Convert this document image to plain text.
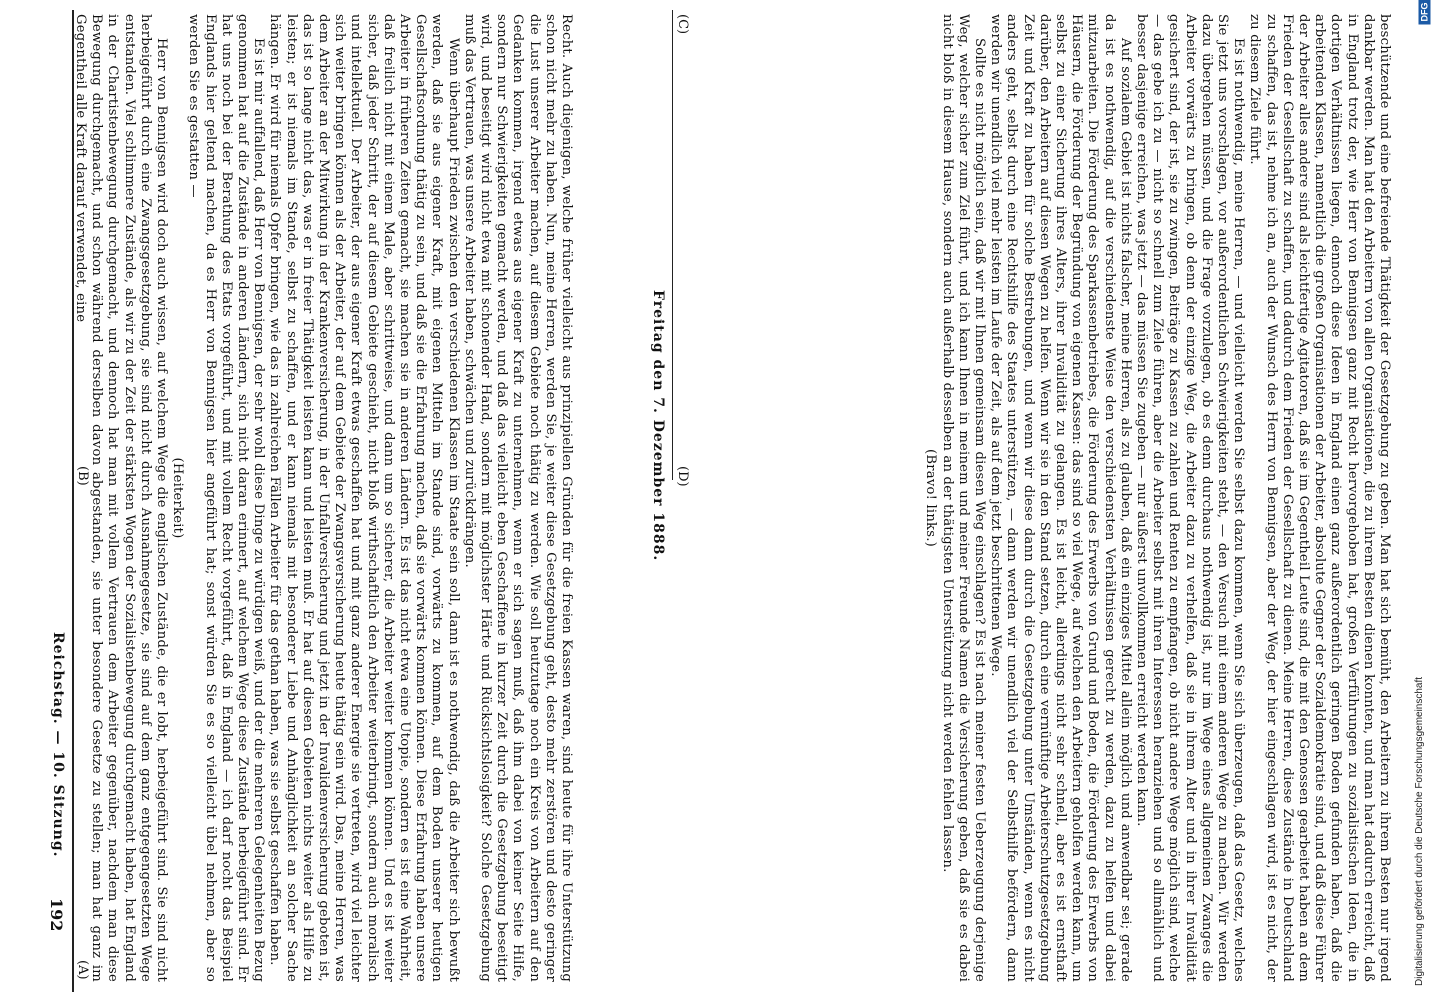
192
Reichstag. — 10. Sitzung.
Freitag den 7. Dezember 1888.
(A)
(B)
(C)
(D)

Recht. Auch diejenigen, welche früher vielleicht aus prinzipiellen Gründen für die freien Kassen waren, sind heute für ihre Unterstützung schon nicht mehr zu haben. Nun, meine Herren, werden Sie, je weiter diese Gesetzgebung geht, desto mehr zerstören und desto geringer die Lust unserer Arbeiter machen, auf diesem Gebiete noch thätig zu werden. Wie soll heutzutage noch ein Kreis von Arbeitern auf den Gedanken kommen, irgend etwas aus eigener Kraft zu unternehmen, wenn er sich sagen muß, daß ihm dabei von keiner Seite Hilfe, sondern nur Schwierigkeiten gemacht werden, und daß das vielleicht eben Geschaffene in kurzer Zeit durch die Gesetzgebung beseitigt wird, und beseitigt wird nicht etwa mit schonender Hand, sondern mit möglichster Härte und Rücksichtslosigkeit? Solche Gesetzgebung muß das Vertrauen, was unsere Arbeiter haben, schwächen und zurückdrängen.

Wenn überhaupt Frieden zwischen den verschiedenen Klassen im Staate sein soll, dann ist es nothwendig, daß die Arbeiter sich bewußt werden, daß sie aus eigener Kraft, mit eigenen Mitteln im Stande sind, vorwärts zu kommen, auf dem Boden unserer heutigen Gesellschaftsordnung thätig zu sein, und daß sie die Erfahrung machen, daß sie vorwärts kommen können. Diese Erfahrung haben unsere Arbeiter in früheren Zeiten gemacht, sie machen sie in anderen Ländern. Es ist das nicht etwa eine Utopie, sondern es ist eine Wahrheit, daß freilich nicht mit einem Male, aber schrittweise, und dann um so sicherer, die Arbeiter weiter kommen können. Und es ist weiter sicher, daß jeder Schritt, der auf diesem Gebiete geschieht, nicht bloß wirthschaftlich den Arbeiter weiterbringt, sondern auch moralisch und intellektuell. Der Arbeiter, der aus eigener Kraft etwas geschaffen hat und mit ganz anderer Energie sie vertreten, wird viel leichter sich weiter bringen können als der Arbeiter, der auf dem Gebiete der Zwangsversicherung heute thätig sein wird. Das, meine Herren, was dem Arbeiter an der Mitwirkung in der Krankenversicherung, in der Unfallversicherung und jetzt in der Invalidenversicherung geboten ist, das ist so lange nicht das, was er in freier Thätigkeit leisten kann und leisten muß. Er hat auf diesen Gebieten nichts weiter als Hilfe zu leisten; er ist niemals im Stande, selbst zu schaffen, und er kann niemals mit besonderer Liebe und Anhänglichkeit an solcher Sache hängen. Er wird für niemals Opfer bringen, wie das in zahlreichen Fällen Arbeiter für das gethan haben, was sie selbst geschaffen haben.

Es ist mir auffallend, daß Herr von Bennigsen, der sehr wohl diese Dinge zu würdigen weiß, und der die mehreren Gelegenheiten Bezug genommen hat auf die Zustände in anderen Ländern, sich nicht daran erinnert, auf welchem Wege diese Zustände herbeigeführt sind. Er hat uns noch bei der Berathung des Etats vorgeführt, und mit vollem Recht vorgeführt, daß in England — ich darf nocht das Beispiel Englands hier geltend machen, da es Herr von Bennigsen hier angeführt hat; sonst würden Sie es so vielleicht übel nehmen, aber so werden Sie es gestatten —

(Heiterkeit)

Herr von Bennigsen wird doch auch wissen, auf welchem Wege die englischen Zustände, die er lobt, herbeigeführt sind. Sie sind nicht herbeigeführt durch eine Zwangsgesetzgebung, sie sind nicht durch Ausnahmegesetze, sie sind auf dem ganz entgegengesetzten Wege entstanden. Viel schlimmere Zustände, als wir zu der Zeit der stärksten Wogen der Sozialistenbewegung durchgemacht haben, hat England in der Chartistenbewegung durchgemacht, und dennoch hat man mit vollem Vertrauen dem Arbeiter gegenüber, nachdem man diese Bewegung durchgemacht, und schon während derselben davon abgestanden, sie unter besondere Gesetze zu stellen; man hat ganz im Gegentheil alle Kraft darauf verwendet, eine	beschützende und eine befreiende Thätigkeit der Gesetzgebung zu geben. Man hat sich bemüht, den Arbeitern zu ihrem Besten nur irgend dankbar werden. Man hat den Arbeitern von allen Organisationen, die zu ihrem Besten dienen konnten, und man hat dadurch erreicht, daß in England trotz der, wie Herr von Bennigsen ganz mit Recht hervorgehoben hat, großen Verführungen zu sozialistischen Ideen, die in dortigen Verhältnissen liegen, dennoch diese Ideen in England einen ganz außerordentlich geringen Boden gefunden haben, daß die arbeitenden Klassen, namentlich die großen Organisationen der Arbeiter, absolute Gegner der Sozialdemokratie sind, und daß diese Führer der Arbeiter alles andere sind als leichtfertige Agitatoren, daß sie im Gegentheil Leute sind, die mit den Genossen gearbeitet haben an dem Frieden der Gesellschaft zu schaffen, und dadurch dem Frieden der Gesellschaft zu dienen. Meine Herren, diese Zustände in Deutschland zu schaffen, das ist, nehme ich an, auch der Wunsch des Herrn von Bennigsen, aber der Weg, der hier eingeschlagen wird, ist es nicht, der zu diesem Ziele führt.

Es ist nothwendig, meine Herren, — und vielleicht werden Sie selbst dazu kommen, wenn Sie sich überzeugen, daß das Gesetz, welches Sie jetzt uns vorschlagen, vor außerordentlichen Schwierigkeiten steht, — den Versuch mit einem anderen Wege zu machen. Wir werden dazu übergehen müssen, und die Frage vorzulegen, ob es denn durchaus nothwendig ist, nur im Wege eines allgemeinen Zwanges die Arbeiter vorwärts zu bringen, ob denn der einzige Weg, die Arbeiter dazu zu verhelfen, daß sie in ihrem Alter und in ihrer Invalidität gesichert sind, der ist, sie zu zwingen, Beiträge zu Kassen zu zahlen und Renten zu empfangen, ob nicht andere Wege möglich sind, welche — das gebe ich zu — nicht so schnell zum Ziele führen, aber die Arbeiter selbst mit ihren Interessen heranziehen und so allmählich und besser dasjenige erreichen, was jetzt — das müssen Sie zugeben — nur äußerst unvollkommen erreicht werden kann.

Auf sozialem Gebiet ist nichts falscher, meine Herren, als zu glauben, daß ein einziges Mittel allein möglich und anwendbar sei; gerade da ist es nothwendig, auf die verschiedenste Weise den verschiedensten Verhältnissen gerecht zu werden, dazu zu helfen und dabei mitzuarbeiten. Die Förderung des Sparkassenbetriebes, die Förderung des Erwerbs von Grund und Boden, die Förderung des Erwerbs von Häusern, die Förderung der Begründung von eigenen Kassen: das sind so viel Wege, auf welchen den Arbeitern geholfen werden kann, um selbst zu einer Sicherung ihres Alters, ihrer Invalidität zu gelangen. Es ist leicht, allerdings nicht sehr schnell, aber es ist ernsthaft darüber, den Arbeitern auf diesen Wegen zu helfen. Wenn wir sie in den Stand setzen, durch eine vernünftige Arbeiterschutzgesetzgebung Zeit und Kraft zu haben für solche Bestrebungen, und wenn wir diese dann durch die Gesetzgebung unter Umständen, wenn es nicht anders geht, selbst durch eine Rechtshilfe des Staates unterstützen, — dann werden wir unendlich viel der Selbsthilfe befördern, dann werden wir unendlich viel mehr leisten im Laufe der Zeit, als auf dem jetzt beschrittenen Wege.

Sollte es nicht möglich sein, daß wir mit Ihnen gemeinsam diesen Weg einschlagen? Es ist nach meiner festen Ueberzeugung derjenige Weg, welcher sicher zum Ziel führt, und ich kann Ihnen in meinem und meiner Freunde Namen die Versicherung geben, daß sie es dabei nicht bloß in diesem Hause, sondern auch außerhalb desselben an der thätigsten Unterstützung nicht werden fehlen lassen.

(Bravo! links.)

Digitalisierung gefördert durch die Deutsche Forschungsgemeinschaft
DFG
